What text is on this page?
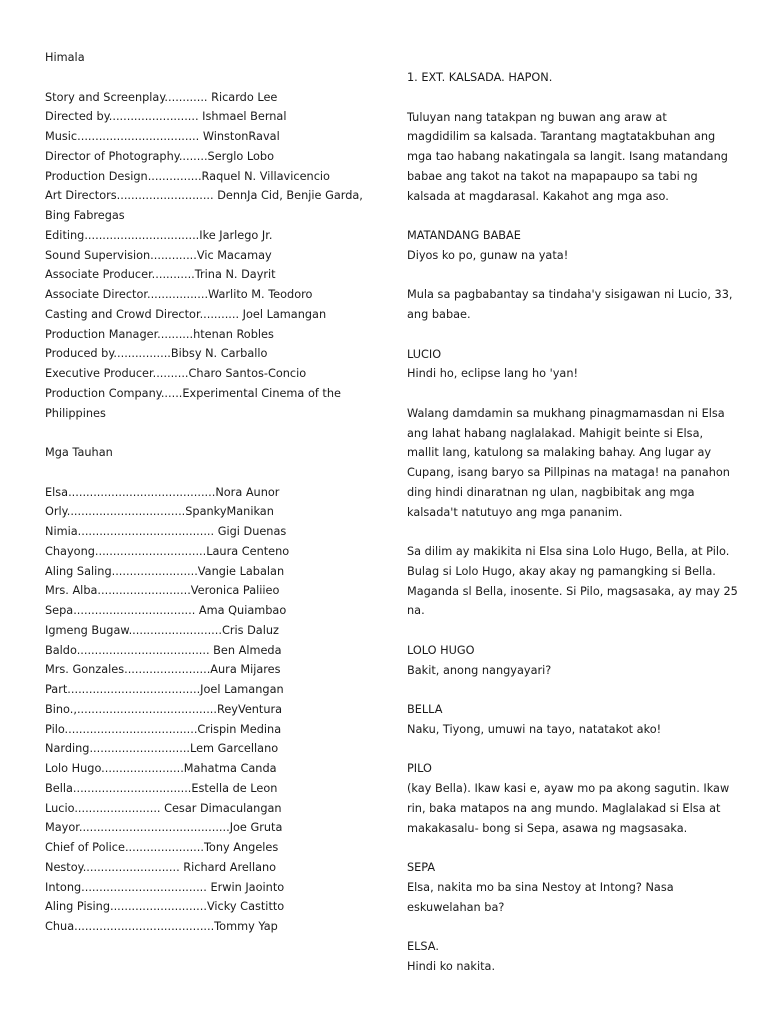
Himala
Story and Screenplay............ Ricardo Lee
Directed by......................... Ishmael Bernal
Music.................................. WinstonRaval
Director of Photography........Serglo Lobo
Production Design...............Raquel N. Villavicencio
Art Directors........................... DennJa Cid, Benjie Garda,
Bing Fabregas
Editing................................Ike Jarlego Jr.
Sound Supervision.............Vic Macamay
Associate Producer............Trina N. Dayrit
Associate Director.................Warlito M. Teodoro
Casting and Crowd Director........... Joel Lamangan
Production Manager..........htenan Robles
Produced by................Bibsy N. Carballo
Executive Producer..........Charo Santos-Concio
Production Company......Experimental Cinema of the
Philippines
Mga Tauhan
Elsa.........................................Nora Aunor
Orly.................................SpankyManikan
Nimia...................................... Gigi Duenas
Chayong...............................Laura Centeno
Aling Saling........................Vangie Labalan
Mrs. Alba..........................Veronica Paliieo
Sepa.................................. Ama Quiambao
Igmeng Bugaw..........................Cris Daluz
Baldo..................................... Ben Almeda
Mrs. Gonzales........................Aura Mijares
Part.....................................Joel Lamangan
Bino.,.......................................ReyVentura
Pilo.....................................Crispin Medina
Narding............................Lem Garcellano
Lolo Hugo.......................Mahatma Canda
Bella.................................Estella de Leon
Lucio........................ Cesar Dimaculangan
Mayor..........................................Joe Gruta
Chief of Police......................Tony Angeles
Nestoy........................... Richard Arellano
Intong................................... Erwin Jaointo
Aling Pising...........................Vicky Castitto
Chua.......................................Tommy Yap
1. EXT. KALSADA. HAPON.
Tuluyan nang tatakpan ng buwan ang araw at
magdidilim sa kalsada. Tarantang magtatakbuhan ang
mga tao habang nakatingala sa langit. Isang matandang
babae ang takot na takot na mapapaupo sa tabi ng
kalsada at magdarasal. Kakahot ang mga aso.
MATANDANG BABAE
Diyos ko po, gunaw na yata!
Mula sa pagbabantay sa tindaha'y sisigawan ni Lucio, 33,
ang babae.
LUCIO
Hindi ho, eclipse lang ho 'yan!
Walang damdamin sa mukhang pinagmamasdan ni Elsa
ang lahat habang naglalakad. Mahigit beinte si Elsa,
mallit lang, katulong sa malaking bahay. Ang lugar ay
Cupang, isang baryo sa Pillpinas na mataga! na panahon
ding hindi dinaratnan ng ulan, nagbibitak ang mga
kalsada't natutuyo ang mga pananim.
Sa dilim ay makikita ni Elsa sina Lolo Hugo, Bella, at Pilo.
Bulag si Lolo Hugo, akay akay ng pamangking si Bella.
Maganda sl Bella, inosente. Si Pilo, magsasaka, ay may 25
na.
LOLO HUGO
Bakit, anong nangyayari?
BELLA
Naku, Tiyong, umuwi na tayo, natatakot ako!
PILO
(kay Bella). Ikaw kasi e, ayaw mo pa akong sagutin. Ikaw
rin, baka matapos na ang mundo. Maglalakad si Elsa at
makakasalu- bong si Sepa, asawa ng magsasaka.
SEPA
Elsa, nakita mo ba sina Nestoy at Intong? Nasa
eskuwelahan ba?
ELSA.
Hindi ko nakita.
